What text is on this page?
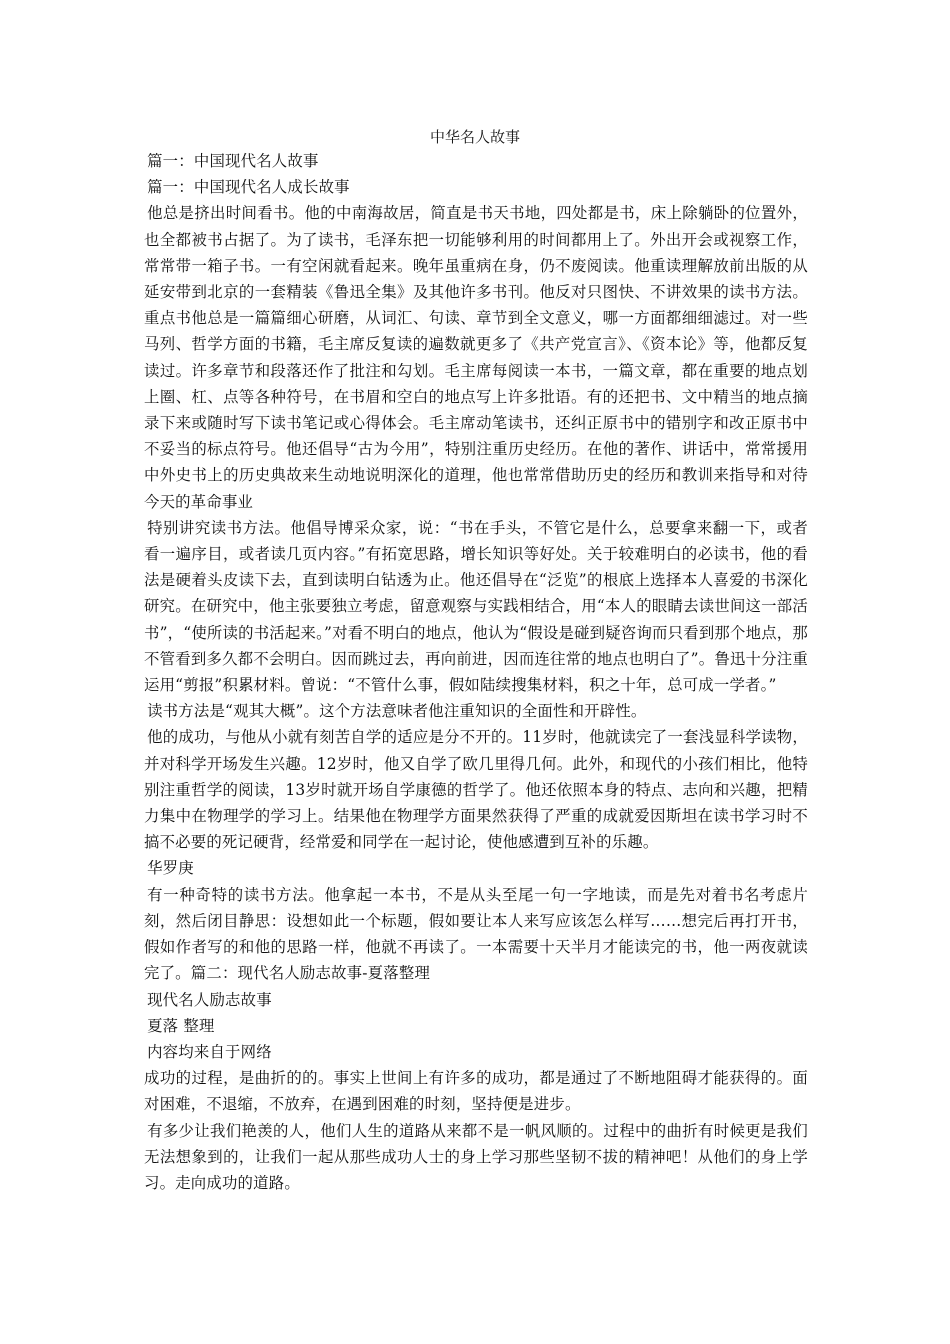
中华名人故事

篇一：中国现代名人故事

篇一：中国现代名人成长故事

他总是挤出时间看书。他的中南海故居，简直是书天书地，四处都是书，床上除躺卧的位置外，也全都被书占据了。为了读书，毛泽东把一切能够利用的时间都用上了。外出开会或视察工作，常常带一箱子书。一有空闲就看起来。晚年虽重病在身，仍不废阅读。他重读理解放前出版的从延安带到北京的一套精装《鲁迅全集》及其他许多书刊。他反对只图快、不讲效果的读书方法。重点书他总是一篇篇细心研磨，从词汇、句读、章节到全文意义，哪一方面都细细滤过。对一些马列、哲学方面的书籍，毛主席反复读的遍数就更多了《共产党宣言》、《资本论》等，他都反复读过。许多章节和段落还作了批注和勾划。毛主席每阅读一本书，一篇文章，都在重要的地点划上圈、杠、点等各种符号，在书眉和空白的地点写上许多批语。有的还把书、文中精当的地点摘录下来或随时写下读书笔记或心得体会。毛主席动笔读书，还纠正原书中的错别字和改正原书中不妥当的标点符号。他还倡导“古为今用”，特别注重历史经历。在他的著作、讲话中，常常援用中外史书上的历史典故来生动地说明深化的道理，他也常常借助历史的经历和教训来指导和对待今天的革命事业

特别讲究读书方法。他倡导博采众家，说：“书在手头，不管它是什么，总要拿来翻一下，或者看一遍序目，或者读几页内容。”有拓宽思路，增长知识等好处。关于较难明白的必读书，他的看法是硬着头皮读下去，直到读明白钻透为止。他还倡导在“泛览”的根底上选择本人喜爱的书深化研究。在研究中，他主张要独立考虑，留意观察与实践相结合，用“本人的眼睛去读世间这一部活书”，“使所读的书活起来。”对看不明白的地点，他认为“假设是碰到疑咨询而只看到那个地点，那不管看到多久都不会明白。因而跳过去，再向前进，因而连往常的地点也明白了”。鲁迅十分注重运用“剪报”积累材料。曾说：“不管什么事，假如陆续搜集材料，积之十年，总可成一学者。”

读书方法是“观其大概”。这个方法意味者他注重知识的全面性和开辟性。

他的成功，与他从小就有刻苦自学的适应是分不开的。11岁时，他就读完了一套浅显科学读物，并对科学开场发生兴趣。12岁时，他又自学了欧几里得几何。此外，和现代的小孩们相比，他特别注重哲学的阅读，13岁时就开场自学康德的哲学了。他还依照本身的特点、志向和兴趣，把精力集中在物理学的学习上。结果他在物理学方面果然获得了严重的成就爱因斯坦在读书学习时不搞不必要的死记硬背，经常爱和同学在一起讨论，使他感遭到互补的乐趣。

华罗庚

有一种奇特的读书方法。他拿起一本书，不是从头至尾一句一字地读，而是先对着书名考虑片刻，然后闭目静思：设想如此一个标题，假如要让本人来写应该怎么样写……想完后再打开书，假如作者写的和他的思路一样，他就不再读了。一本需要十天半月才能读完的书，他一两夜就读完了。篇二：现代名人励志故事-夏落整理

现代名人励志故事

夏落 整理

内容均来自于网络

成功的过程，是曲折的的。事实上世间上有许多的成功，都是通过了不断地阻碍才能获得的。面对困难，不退缩，不放弃，在遇到困难的时刻，坚持便是进步。

有多少让我们艳羡的人，他们人生的道路从来都不是一帆风顺的。过程中的曲折有时候更是我们无法想象到的，让我们一起从那些成功人士的身上学习那些坚韧不拔的精神吧！从他们的身上学习。走向成功的道路。
